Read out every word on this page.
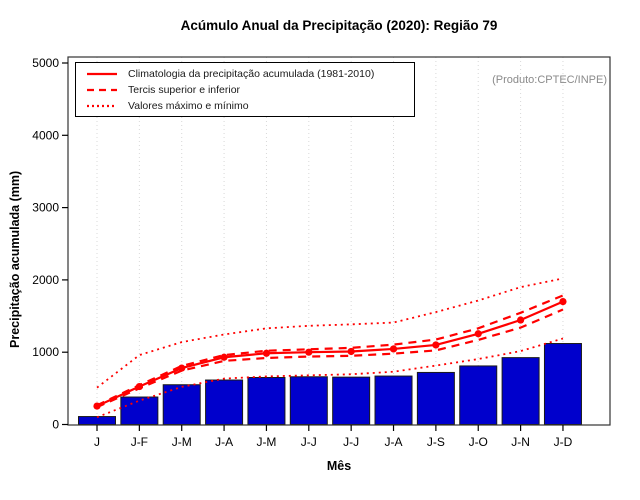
0
1000
2000
3000
4000
5000
J	J-F J-M J-A J-M J-J J-J J-A J-S J-O J-N J-D
Acúmulo Anual da Precipitação (2020): Região 79
Precipitação acumulada (mm)
Mês
(Produto:CPTEC/INPE)
Climatologia da precipitação acumulada (1981-2010)
Tercis superior e inferior
Valores máximo e mínimo
